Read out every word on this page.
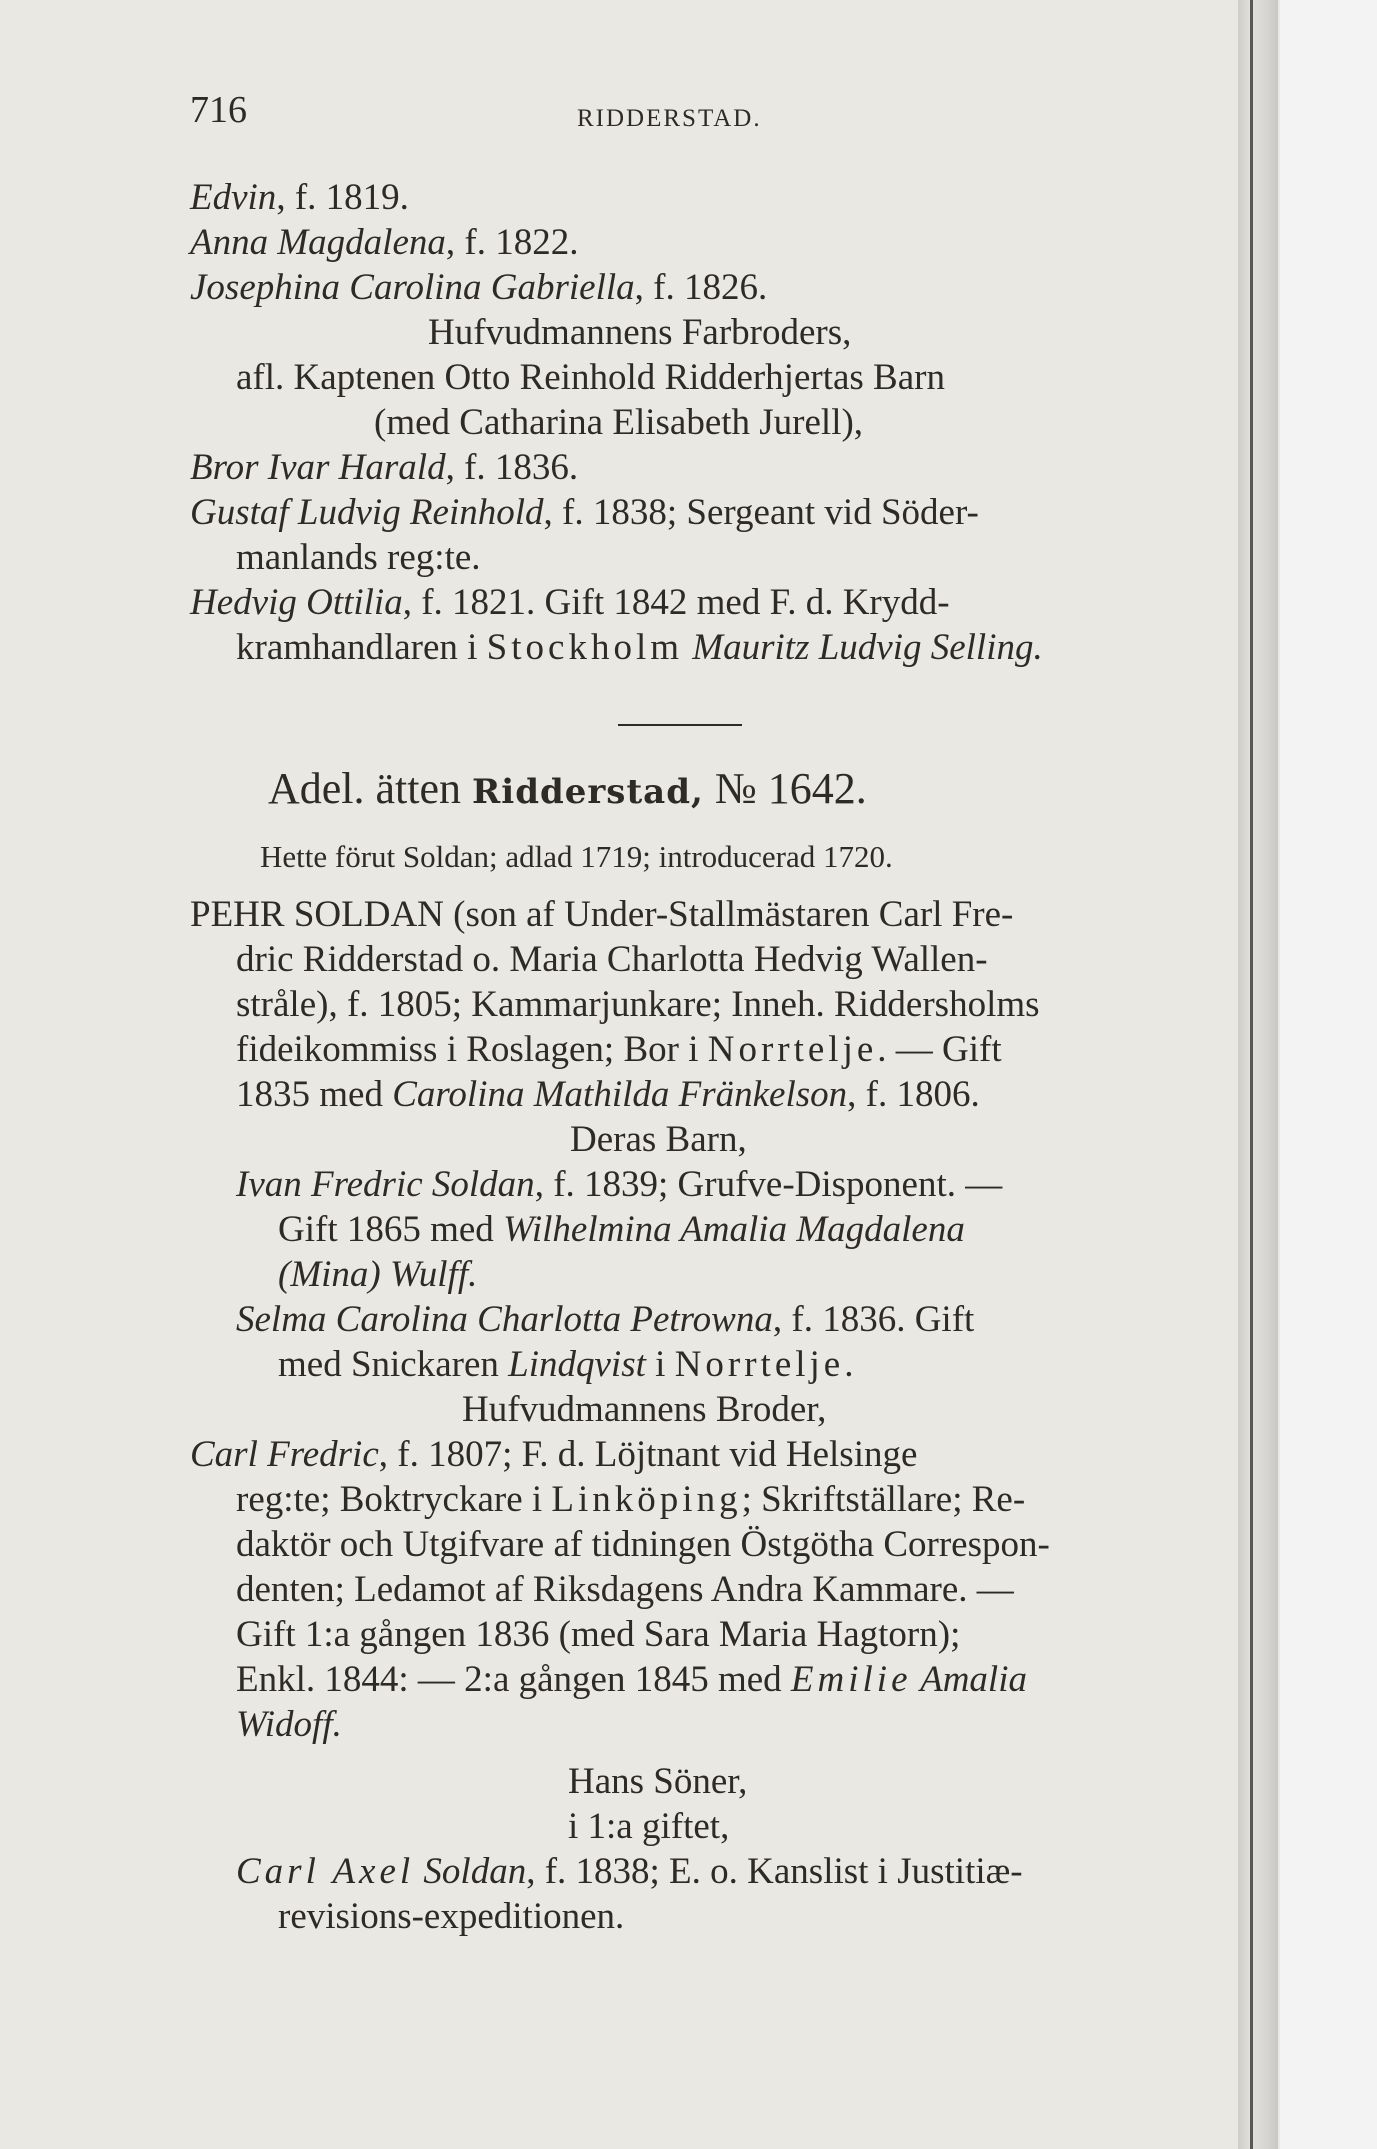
716	RIDDERSTAD.
Edvin, f. 1819.
Anna Magdalena, f. 1822.
Josephina Carolina Gabriella, f. 1826.
Hufvudmannens Farbroders,
afl. Kaptenen Otto Reinhold Ridderhjertas Barn
(med Catharina Elisabeth Jurell),
Bror Ivar Harald, f. 1836.
Gustaf Ludvig Reinhold, f. 1838; Sergeant vid Söder-
manlands reg:te.
Hedvig Ottilia, f. 1821. Gift 1842 med F. d. Krydd-
kramhandlaren i Stockholm Mauritz Ludvig Selling.
Adel. ätten Ridderstad, № 1642.
Hette förut Soldan; adlad 1719; introducerad 1720.
PEHR SOLDAN (son af Under-Stallmästaren Carl Fre-
dric Ridderstad o. Maria Charlotta Hedvig Wallen-
stråle), f. 1805; Kammarjunkare; Inneh. Riddersholms
fideikommiss i Roslagen; Bor i Norrtelje. — Gift
1835 med Carolina Mathilda Fränkelson, f. 1806.
Deras Barn,
Ivan Fredric Soldan, f. 1839; Grufve-Disponent. —
Gift 1865 med Wilhelmina Amalia Magdalena
(Mina) Wulff.
Selma Carolina Charlotta Petrowna, f. 1836. Gift
med Snickaren Lindqvist i Norrtelje.
Hufvudmannens Broder,
Carl Fredric, f. 1807; F. d. Löjtnant vid Helsinge
reg:te; Boktryckare i Linköping; Skriftställare; Re-
daktör och Utgifvare af tidningen Östgötha Correspon-
denten; Ledamot af Riksdagens Andra Kammare. —
Gift 1:a gången 1836 (med Sara Maria Hagtorn);
Enkl. 1844: — 2:a gången 1845 med Emilie Amalia
Widoff.
Hans Söner,
i 1:a giftet,
Carl Axel Soldan, f. 1838; E. o. Kanslist i Justitiæ-
revisions-expeditionen.
